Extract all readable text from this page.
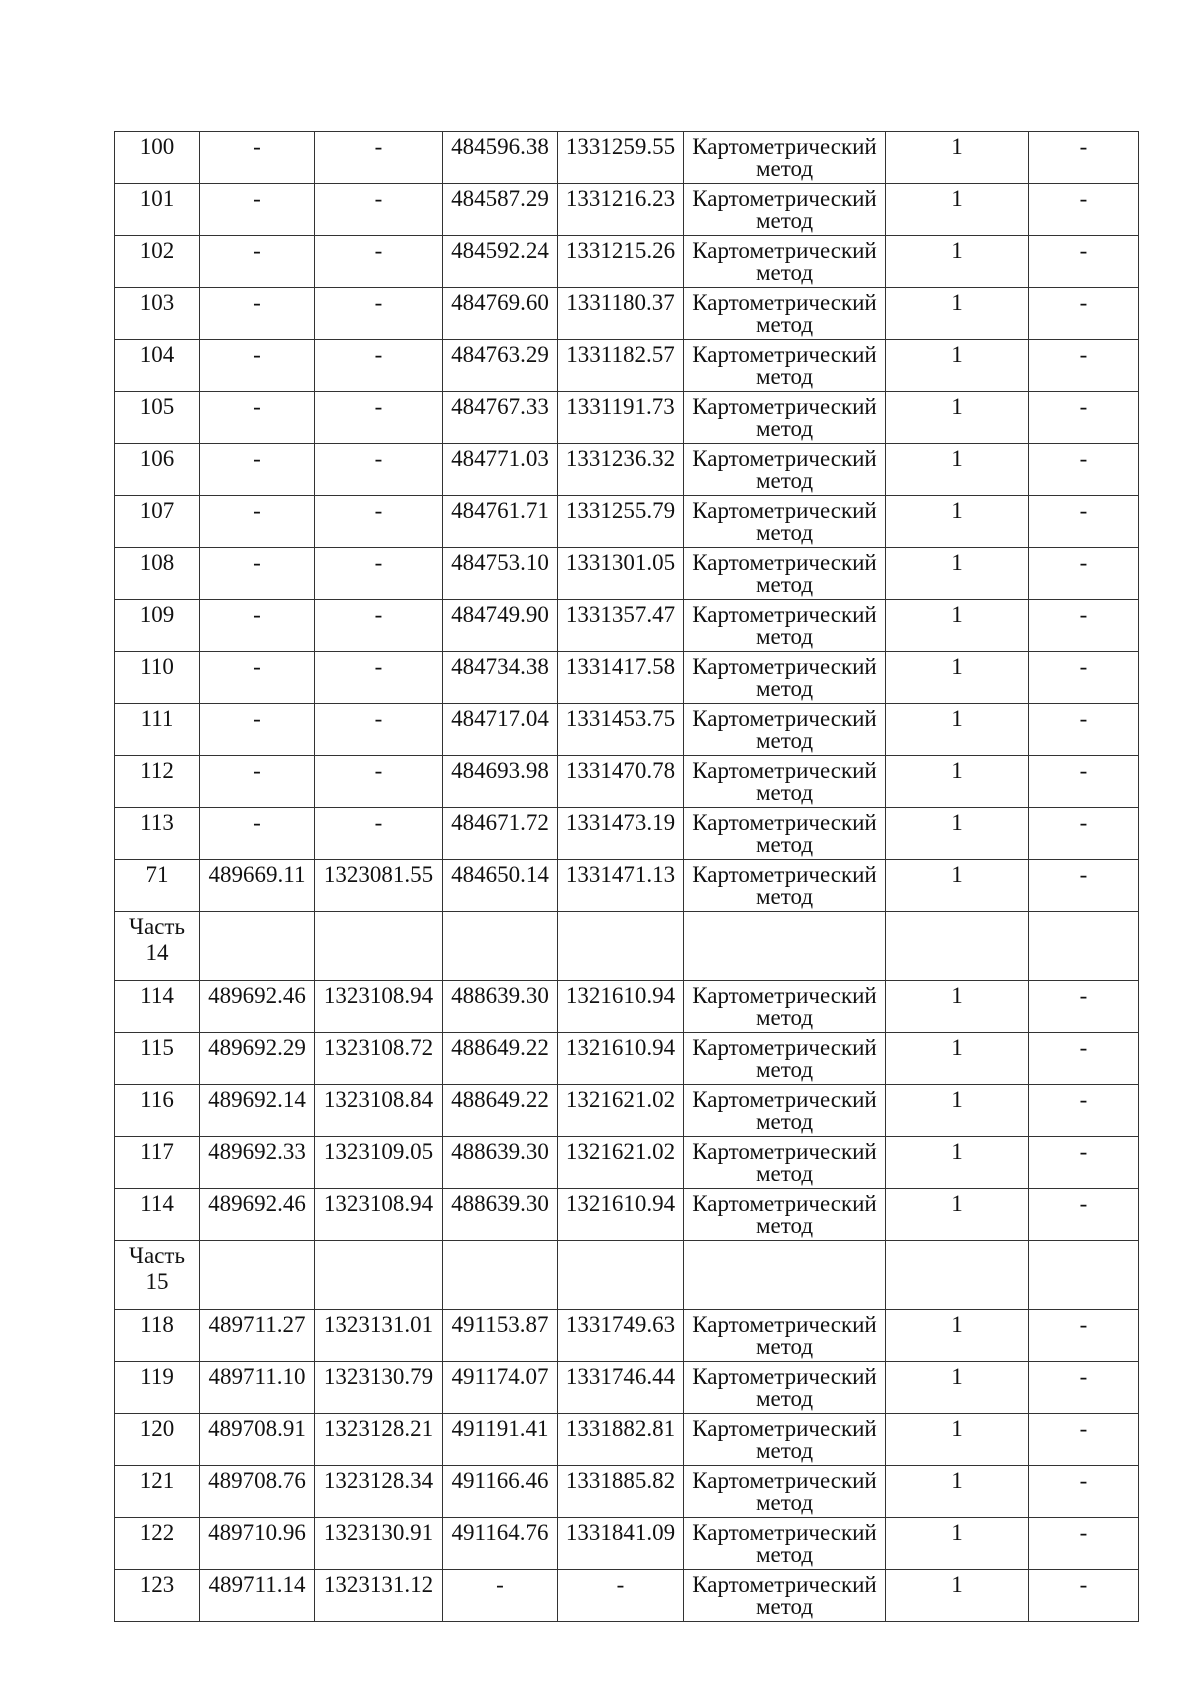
100	-	-	484596.38	1331259.55	Картометрический
метод	1	-
101	-	-	484587.29	1331216.23	Картометрический
метод	1	-
102	-	-	484592.24	1331215.26	Картометрический
метод	1	-
103	-	-	484769.60	1331180.37	Картометрический
метод	1	-
104	-	-	484763.29	1331182.57	Картометрический
метод	1	-
105	-	-	484767.33	1331191.73	Картометрический
метод	1	-
106	-	-	484771.03	1331236.32	Картометрический
метод	1	-
107	-	-	484761.71	1331255.79	Картометрический
метод	1	-
108	-	-	484753.10	1331301.05	Картометрический
метод	1	-
109	-	-	484749.90	1331357.47	Картометрический
метод	1	-
110	-	-	484734.38	1331417.58	Картометрический
метод	1	-
111	-	-	484717.04	1331453.75	Картометрический
метод	1	-
112	-	-	484693.98	1331470.78	Картометрический
метод	1	-
113	-	-	484671.72	1331473.19	Картометрический
метод	1	-
71	489669.11	1323081.55	484650.14	1331471.13	Картометрический
метод	1	-

Часть
14							

114	489692.46	1323108.94	488639.30	1321610.94	Картометрический
метод	1	-
115	489692.29	1323108.72	488649.22	1321610.94	Картометрический
метод	1	-
116	489692.14	1323108.84	488649.22	1321621.02	Картометрический
метод	1	-
117	489692.33	1323109.05	488639.30	1321621.02	Картометрический
метод	1	-
114	489692.46	1323108.94	488639.30	1321610.94	Картометрический
метод	1	-

Часть
15							

118	489711.27	1323131.01	491153.87	1331749.63	Картометрический
метод	1	-
119	489711.10	1323130.79	491174.07	1331746.44	Картометрический
метод	1	-
120	489708.91	1323128.21	491191.41	1331882.81	Картометрический
метод	1	-
121	489708.76	1323128.34	491166.46	1331885.82	Картометрический
метод	1	-
122	489710.96	1323130.91	491164.76	1331841.09	Картометрический
метод	1	-
123	489711.14	1323131.12	-	-	Картометрический
метод	1	-
